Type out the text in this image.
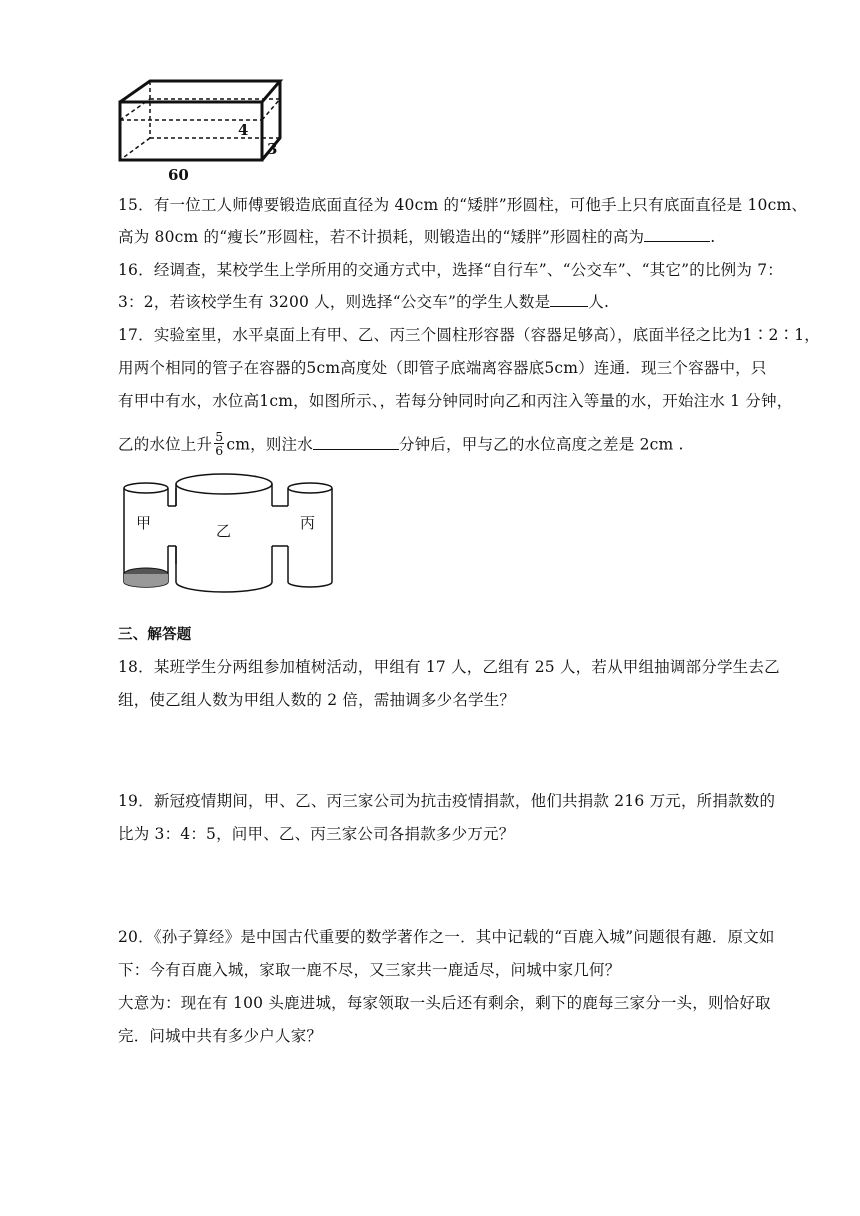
4
3
60
15．有一位工人师傅要锻造底面直径为 40cm 的“矮胖”形圆柱，可他手上只有底面直径是 10cm、
高为 80cm 的“瘦长”形圆柱，若不计损耗，则锻造出的“矮胖”形圆柱的高为	.
16．经调查，某校学生上学所用的交通方式中，选择“自行车”、“公交车”、“其它”的比例为 7：
3：2，若该校学生有 3200 人，则选择“公交车”的学生人数是 人.
17．实验室里，水平桌面上有甲、乙、丙三个圆柱形容器（容器足够高），底面半径之比为1∶2∶1，
用两个相同的管子在容器的5cm高度处（即管子底端离容器底5cm）连通．现三个容器中，只
有甲中有水，水位高1cm，如图所示、，若每分钟同时向乙和丙注入等量的水，开始注水 1 分钟，
乙的水位上升 $\frac{5}{6}$ cm，则注水	分钟后，甲与乙的水位高度之差是 2cm .
甲	乙	丙
三、解答题
18．某班学生分两组参加植树活动，甲组有 17 人，乙组有 25 人，若从甲组抽调部分学生去乙
组，使乙组人数为甲组人数的 2 倍，需抽调多少名学生？
19．新冠疫情期间，甲、乙、丙三家公司为抗击疫情捐款，他们共捐款 216 万元，所捐款数的
比为 3：4：5，问甲、乙、丙三家公司各捐款多少万元？
20．《孙子算经》是中国古代重要的数学著作之一．其中记载的“百鹿入城”问题很有趣．原文如
下：今有百鹿入城，家取一鹿不尽，又三家共一鹿适尽，问城中家几何？
大意为：现在有 100 头鹿进城，每家领取一头后还有剩余，剩下的鹿每三家分一头，则恰好取
完．问城中共有多少户人家？
